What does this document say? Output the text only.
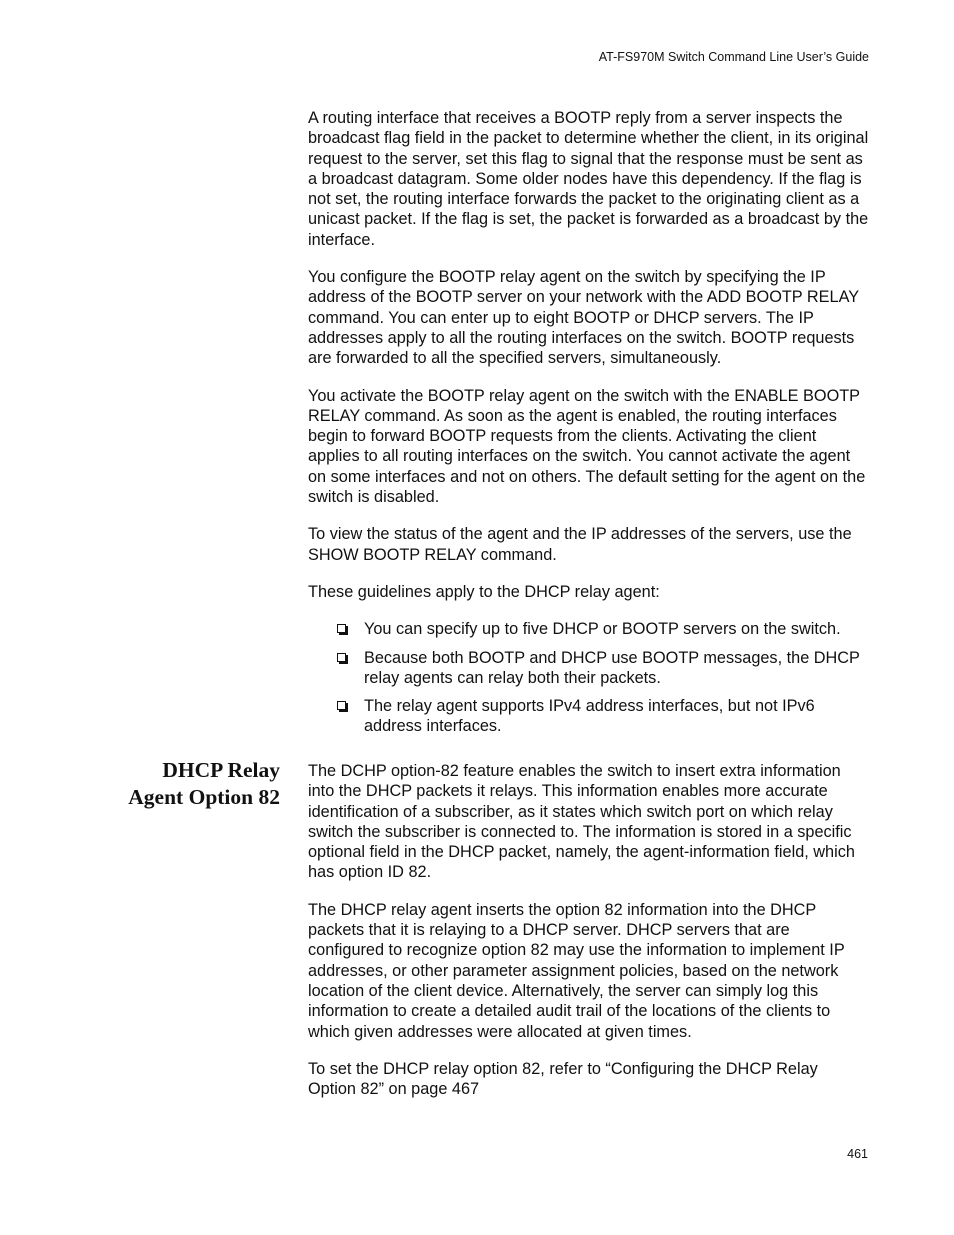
AT-FS970M Switch Command Line User’s Guide

A routing interface that receives a BOOTP reply from a server inspects the broadcast flag field in the packet to determine whether the client, in its original request to the server, set this flag to signal that the response must be sent as a broadcast datagram. Some older nodes have this dependency. If the flag is not set, the routing interface forwards the packet to the originating client as a unicast packet. If the flag is set, the packet is forwarded as a broadcast by the interface.

You configure the BOOTP relay agent on the switch by specifying the IP address of the BOOTP server on your network with the ADD BOOTP RELAY command. You can enter up to eight BOOTP or DHCP servers. The IP addresses apply to all the routing interfaces on the switch. BOOTP requests are forwarded to all the specified servers, simultaneously.

You activate the BOOTP relay agent on the switch with the ENABLE BOOTP RELAY command. As soon as the agent is enabled, the routing interfaces begin to forward BOOTP requests from the clients. Activating the client applies to all routing interfaces on the switch. You cannot activate the agent on some interfaces and not on others. The default setting for the agent on the switch is disabled.

To view the status of the agent and the IP addresses of the servers, use the SHOW BOOTP RELAY command.

These guidelines apply to the DHCP relay agent:

You can specify up to five DHCP or BOOTP servers on the switch.
Because both BOOTP and DHCP use BOOTP messages, the DHCP relay agents can relay both their packets.
The relay agent supports IPv4 address interfaces, but not IPv6 address interfaces.
DHCP Relay
Agent Option 82

The DCHP option-82 feature enables the switch to insert extra information into the DHCP packets it relays. This information enables more accurate identification of a subscriber, as it states which switch port on which relay switch the subscriber is connected to. The information is stored in a specific optional field in the DHCP packet, namely, the agent-information field, which has option ID 82.

The DHCP relay agent inserts the option 82 information into the DHCP packets that it is relaying to a DHCP server. DHCP servers that are configured to recognize option 82 may use the information to implement IP addresses, or other parameter assignment policies, based on the network location of the client device. Alternatively, the server can simply log this information to create a detailed audit trail of the locations of the clients to which given addresses were allocated at given times.

To set the DHCP relay option 82, refer to “Configuring the DHCP Relay Option 82” on page 467

461
